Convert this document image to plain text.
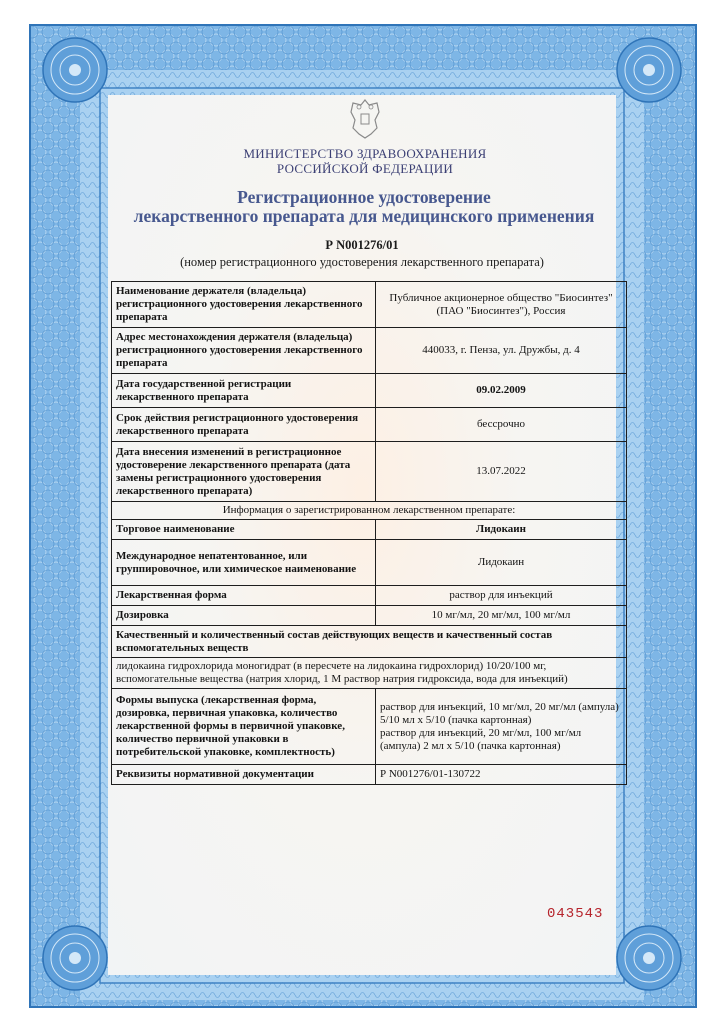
МИНИСТЕРСТВО ЗДРАВООХРАНЕНИЯ
РОССИЙСКОЙ ФЕДЕРАЦИИ
Регистрационное удостоверение
лекарственного препарата для медицинского применения
Р N001276/01
(номер регистрационного удостоверения лекарственного препарата)
Наименование держателя (владельца) регистрационного удостоверения лекарственного препарата	Публичное акционерное общество "Биосинтез" (ПАО "Биосинтез"), Россия
Адрес местонахождения держателя (владельца) регистрационного удостоверения лекарственного препарата	440033, г. Пенза, ул. Дружбы, д. 4
Дата государственной регистрации лекарственного препарата	09.02.2009
Срок действия регистрационного удостоверения лекарственного препарата	бессрочно
Дата внесения изменений в регистрационное удостоверение лекарственного препарата (дата замены регистрационного удостоверения лекарственного препарата)	13.07.2022
Информация о зарегистрированном лекарственном препарате:	
Торговое наименование	Лидокаин
Международное непатентованное, или группировочное, или химическое наименование	Лидокаин
Лекарственная форма	раствор для инъекций
Дозировка	10 мг/мл, 20 мг/мл, 100 мг/мл
Качественный и количественный состав действующих веществ и качественный состав вспомогательных веществ	

лидокаина гидрохлорида моногидрат (в пересчете на лидокаина гидрохлорид) 10/20/100 мг,
вспомогательные вещества (натрия хлорид, 1 М раствор натрия гидроксида, вода для инъекций)	

Формы выпуска (лекарственная форма, дозировка, первичная упаковка, количество лекарственной формы в первичной упаковке, количество первичной упаковки в потребительской упаковке, комплектность)	раствор для инъекций, 10 мг/мл, 20 мг/мл (ампула) 5/10 мл x 5/10 (пачка картонная)
раствор для инъекций, 20 мг/мл, 100 мг/мл (ампула) 2 мл x 5/10 (пачка картонная)

Реквизиты нормативной документации	Р N001276/01-130722
043543
